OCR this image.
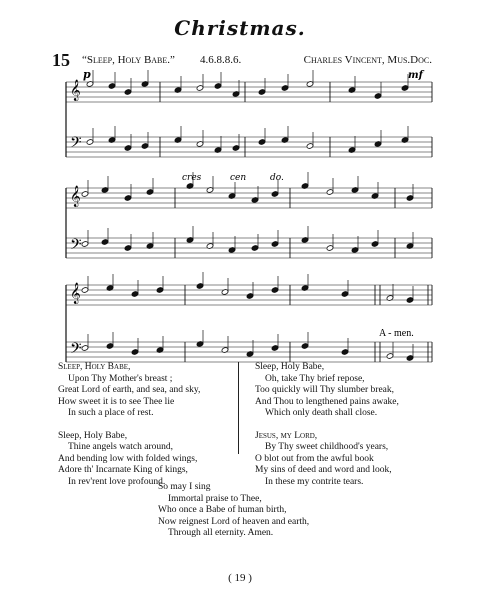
Christmas.
15 “Sleep, Holy Babe.” 4.6.8.8.6.	Charles Vincent, Mus.Doc.
𝄞
𝄢
𝄞
𝄢
𝄞
𝄢
p	mf
cres	cen	do.
A - men.
Sleep, Holy Babe,
Upon Thy Mother's breast ;
Great Lord of earth, and sea, and sky,
How sweet it is to see Thee lie
In such a place of rest.
Sleep, Holy Babe,
Thine angels watch around,
And bending low with folded wings,
Adore th' Incarnate King of kings,
In rev'rent love profound.
Sleep, Holy Babe,
Oh, take Thy brief repose,
Too quickly will Thy slumber break,
And Thou to lengthened pains awake,
Which only death shall close.
Jesus, my Lord,
By Thy sweet childhood's years,
O blot out from the awful book
My sins of deed and word and look,
In these my contrite tears.
So may I sing
Immortal praise to Thee,
Who once a Babe of human birth,
Now reignest Lord of heaven and earth,
Through all eternity. Amen.
( 19 )
